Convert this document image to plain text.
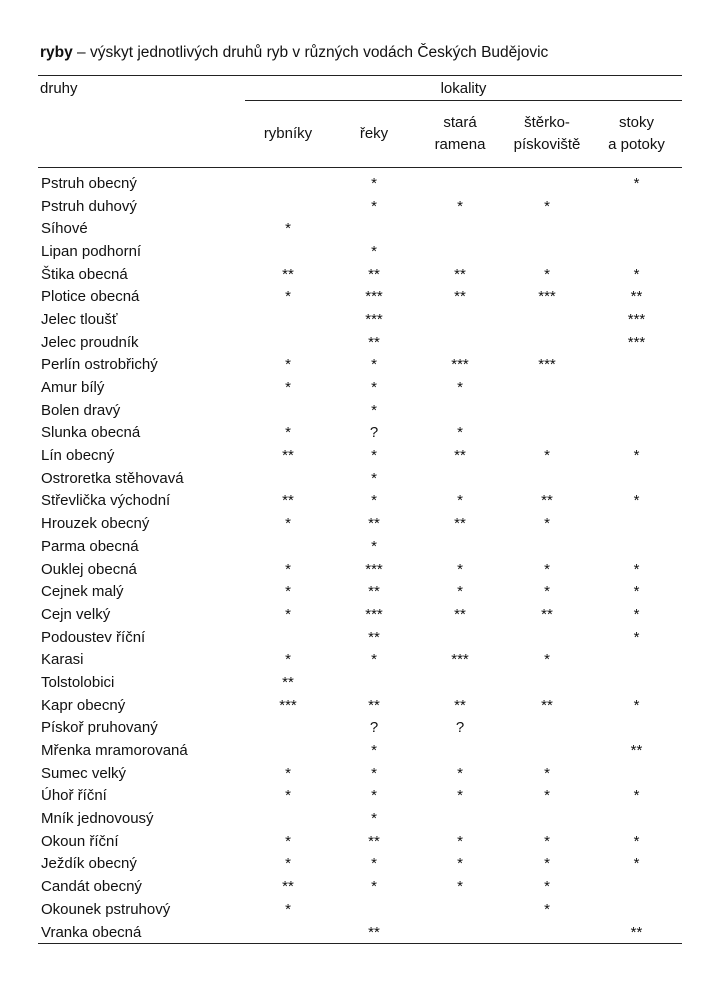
ryby – výskyt jednotlivých druhů ryb v různých vodách Českých Budějovic
druhy	lokality				
	rybníky	řeky	stará
ramena	štěrko-
pískoviště	stoky
a potoky
Pstruh obecný		*			*
Pstruh duhový		*	*	*	
Síhové	*				
Lipan podhorní		*			
Štika obecná	**	**	**	*	*
Plotice obecná	*	***	**	***	**
Jelec tloušť		***			***
Jelec proudník		**			***
Perlín ostrobřichý	*	*	***	***	
Amur bílý	*	*	*		
Bolen dravý		*			
Slunka obecná	*	?	*		
Lín obecný	**	*	**	*	*
Ostroretka stěhovavá		*			
Střevlička východní	**	*	*	**	*
Hrouzek obecný	*	**	**	*	
Parma obecná		*			
Ouklej obecná	*	***	*	*	*
Cejnek malý	*	**	*	*	*
Cejn velký	*	***	**	**	*
Podoustev říční		**			*
Karasi	*	*	***	*	
Tolstolobici	**				
Kapr obecný	***	**	**	**	*
Pískoř pruhovaný		?	?		
Mřenka mramorovaná		*			**
Sumec velký	*	*	*	*	
Úhoř říční	*	*	*	*	*
Mník jednovousý		*			
Okoun říční	*	**	*	*	*
Ježdík obecný	*	*	*	*	*
Candát obecný	**	*	*	*	
Okounek pstruhový	*			*	
Vranka obecná		**			**
